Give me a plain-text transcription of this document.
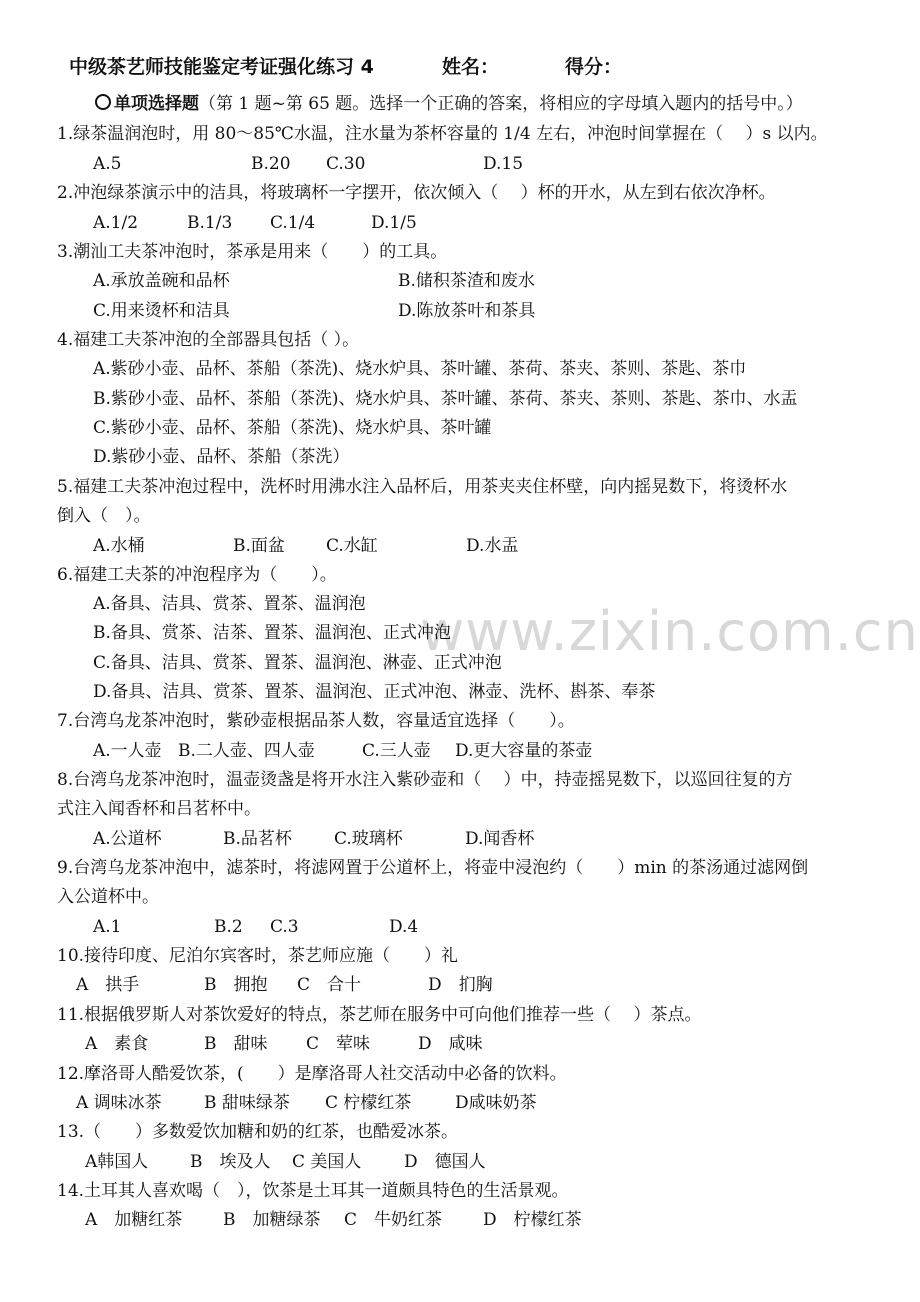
www.zixin.com.cn
中级茶艺师技能鉴定考证强化练习 4	姓名：	得分：
单项选择题（第 1 题~第 65 题。选择一个正确的答案，将相应的字母填入题内的括号中。）
1.绿茶温润泡时，用 80～85℃水温，注水量为茶杯容量的 1/4 左右，冲泡时间掌握在（　 ）s 以内。
A.5	B.20 C.30	D.15
2.冲泡绿茶演示中的洁具，将玻璃杯一字摆开，依次倾入（　 ）杯的开水，从左到右依次净杯。
A.1/2	B.1/3 C.1/4	D.1/5
3.潮汕工夫茶冲泡时，茶承是用来（　　）的工具。
A.承放盖碗和品杯	B.储积茶渣和废水
C.用来烫杯和洁具	D.陈放茶叶和茶具
4.福建工夫茶冲泡的全部器具包括（ ）。
A.紫砂小壶、品杯、茶船（茶洗)、烧水炉具、茶叶罐、茶荷、茶夹、茶则、茶匙、茶巾
B.紫砂小壶、品杯、茶船（茶洗)、烧水炉具、茶叶罐、茶荷、茶夹、茶则、茶匙、茶巾、水盂
C.紫砂小壶、品杯、茶船（茶洗)、烧水炉具、茶叶罐
D.紫砂小壶、品杯、茶船（茶洗）
5.福建工夫茶冲泡过程中，洗杯时用沸水注入品杯后，用茶夹夹住杯壁，向内摇晃数下，将烫杯水
倒入（　）。
A.水桶	B.面盆 C.水缸	D.水盂
6.福建工夫茶的冲泡程序为（　　）。
A.备具、洁具、赏茶、置茶、温润泡
B.备具、赏茶、洁茶、置茶、温润泡、正式冲泡
C.备具、洁具、赏茶、置茶、温润泡、淋壶、正式冲泡
D.备具、洁具、赏茶、置茶、温润泡、正式冲泡、淋壶、洗杯、斟茶、奉茶
7.台湾乌龙茶冲泡时，紫砂壶根据品茶人数，容量适宜选择（　　）。
A.一人壶 B.二人壶、四人壶	C.三人壶 D.更大容量的茶壶
8.台湾乌龙茶冲泡时，温壶烫盏是将开水注入紫砂壶和（　 ）中，持壶摇晃数下，以巡回往复的方
式注入闻香杯和吕茗杯中。
A.公道杯	B.品茗杯 C.玻璃杯	D.闻香杯
9.台湾乌龙茶冲泡中，滤茶时，将滤网置于公道杯上，将壶中浸泡约（　　）min 的茶汤通过滤网倒
入公道杯中。
A.1	B.2 C.3	D.4
10.接待印度、尼泊尔宾客时，茶艺师应施（　　）礼
A　拱手	B　拥抱 C　合十	D　扪胸
11.根据俄罗斯人对茶饮爱好的特点，茶艺师在服务中可向他们推荐一些（　 ）茶点。
A　素食	B　甜味 C　荤味	D　咸味
12.摩洛哥人酷爱饮茶，(　　）是摩洛哥人社交活动中必备的饮料。
A 调味冰茶 B 甜味绿茶 C 柠檬红茶	D咸味奶茶
13.（　　）多数爱饮加糖和奶的红茶，也酷爱冰茶。
A韩国人 B　埃及人 C 美国人	D　德国人
14.土耳其人喜欢喝（　），饮茶是土耳其一道颇具特色的生活景观。
A　加糖红茶 B　加糖绿茶 C　牛奶红茶 D　柠檬红茶
